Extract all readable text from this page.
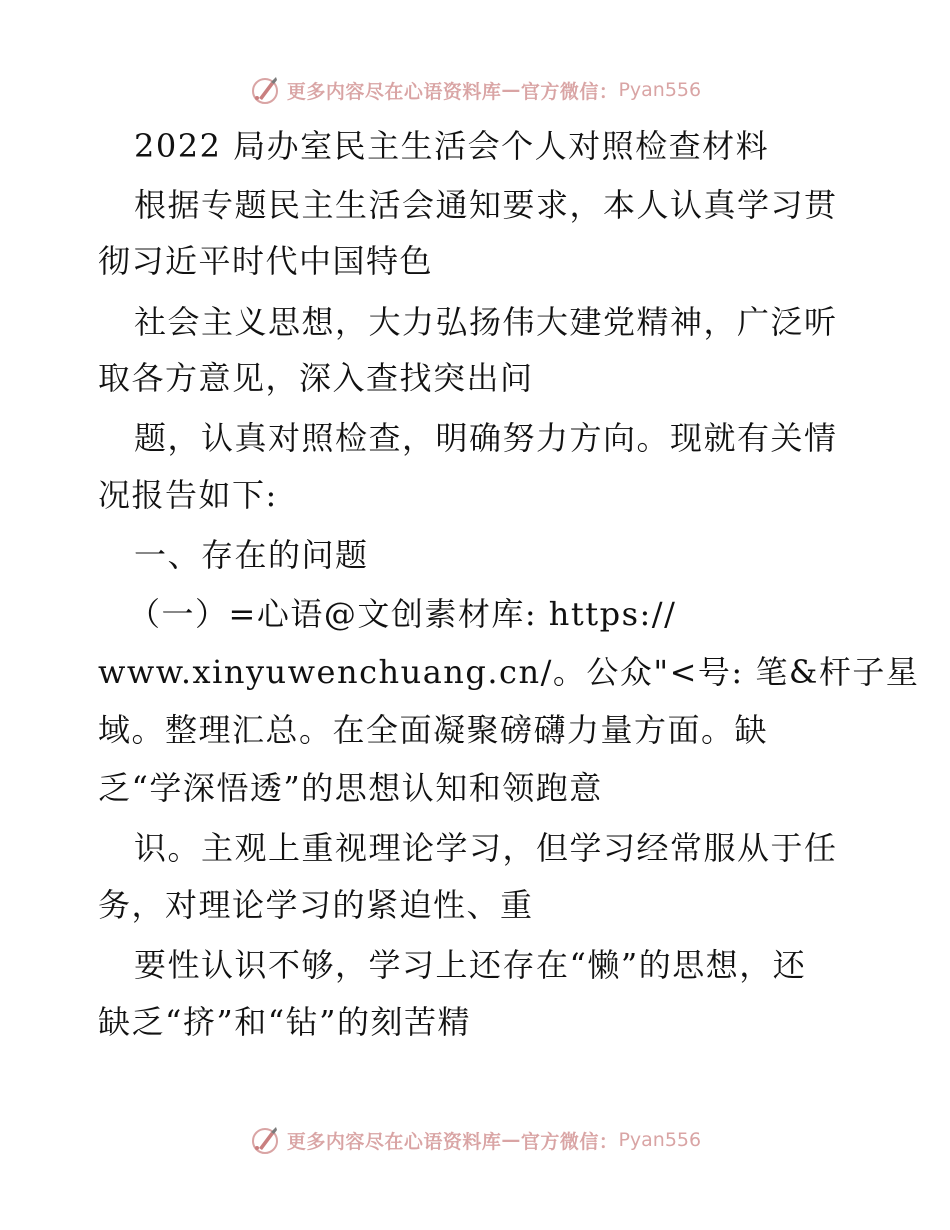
更多内容尽在心语资料库 — 官方微信： Pyan556
2022 局办室民主生活会个人对照检查材料
根据专题民主生活会通知要求，本人认真学习贯
彻习近平时代中国特色
社会主义思想，大力弘扬伟大建党精神，广泛听
取各方意见，深入查找突出问
题，认真对照检查，明确努力方向。现就有关情
况报告如下:
一、存在的问题
（一）=心语@文创素材库: https://
www.xinyuwenchuang.cn/。公众"<号: 笔&杆子星
域。整理汇总。在全面凝聚磅礴力量方面。缺
乏“学深悟透”的思想认知和领跑意
识。主观上重视理论学习，但学习经常服从于任
务，对理论学习的紧迫性、重
要性认识不够，学习上还存在“懒”的思想，还
缺乏“挤”和“钻”的刻苦精
更多内容尽在心语资料库 — 官方微信： Pyan556
